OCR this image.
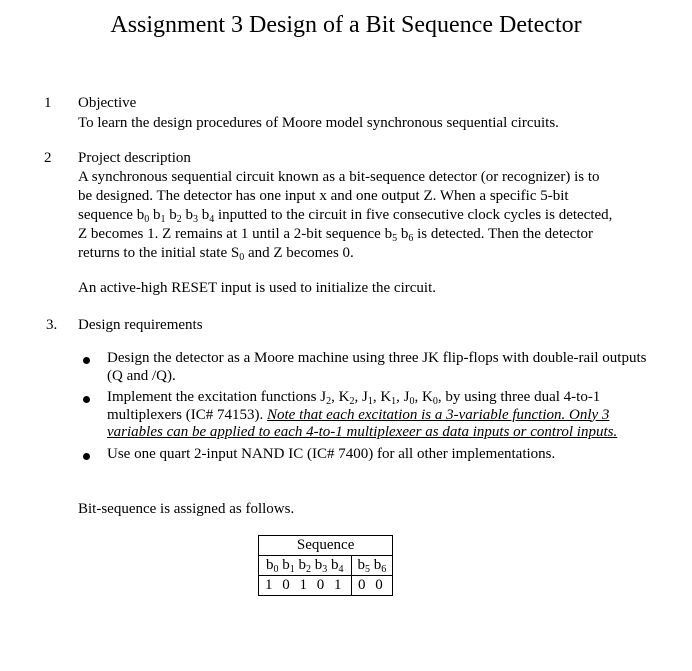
Assignment 3 Design of a Bit Sequence Detector
1 Objective
To learn the design procedures of Moore model synchronous sequential circuits.
2 Project description
A synchronous sequential circuit known as a bit-sequence detector (or recognizer) is to
be designed. The detector has one input x and one output Z. When a specific 5-bit
sequence $b_0$ $b_1$ $b_2$ $b_3$ $b_4$ inputted to the circuit in five consecutive clock cycles is detected,
Z becomes 1. Z remains at 1 until a 2-bit sequence $b_5$ $b_6$ is detected. Then the detector
returns to the initial state $S_0$ and Z becomes 0.
An active-high RESET input is used to initialize the circuit.
3. Design requirements
Design the detector as a Moore machine using three JK flip-flops with double-rail outputs (Q and /Q).
Implement the excitation functions $J_2$, $K_2$, $J_1$, $K_1$, $J_0$, $K_0$, by using three dual 4-to-1 multiplexers (IC# 74153). Note that each excitation is a 3-variable function. Only 3 variables can be applied to each 4-to-1 multiplexeer as data inputs or control inputs.
Use one quart 2-input NAND IC (IC# 7400) for all other implementations.
Bit-sequence is assigned as follows.
Sequence	
$b_0$ $b_1$ $b_2$ $b_3$ $b_4$	$b_5$ $b_6$
1 0 1 0 1	0 0
